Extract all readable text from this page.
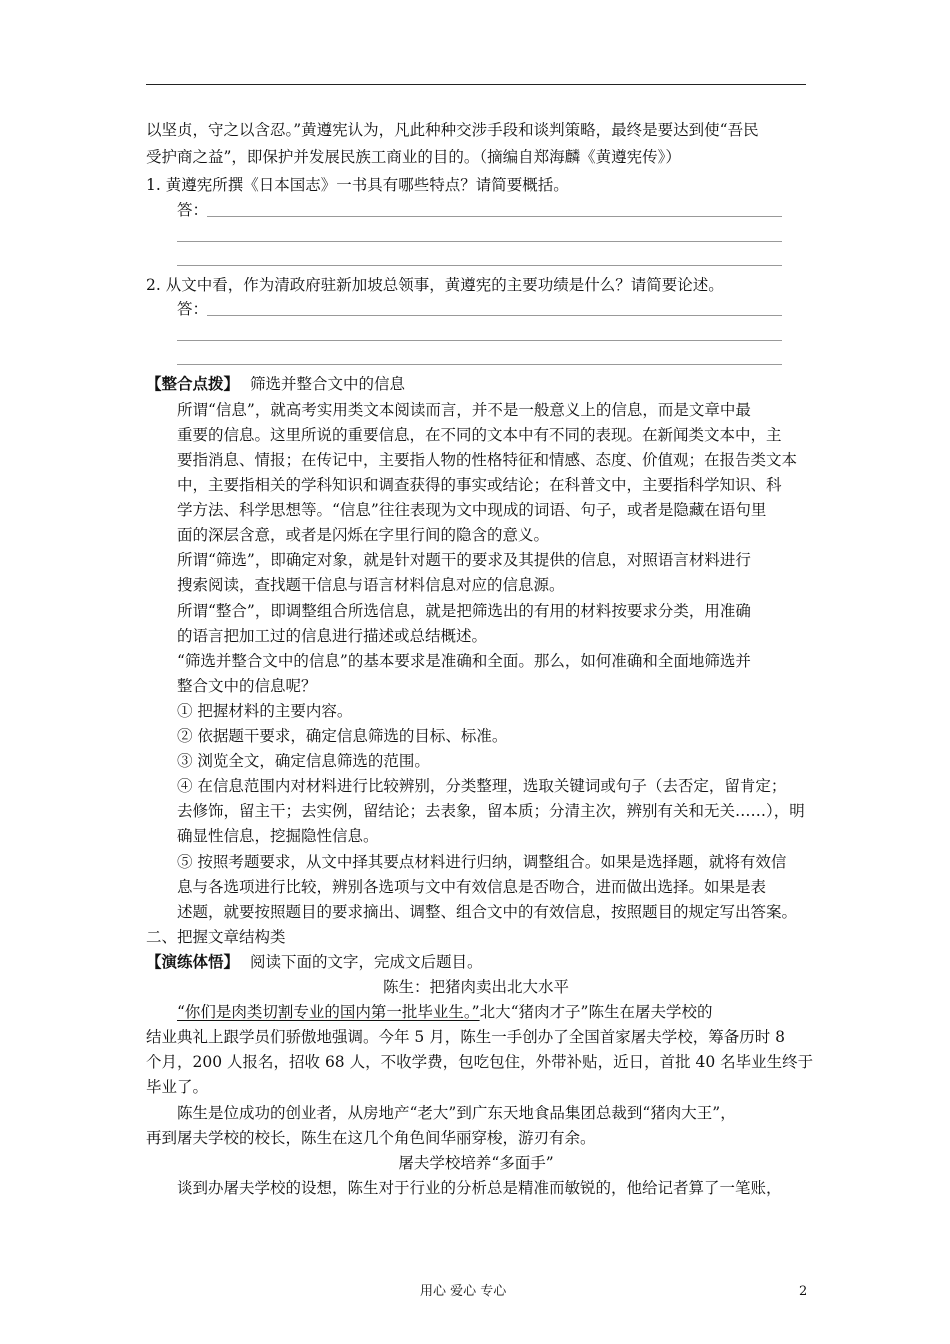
以坚贞，守之以含忍。”黄遵宪认为，凡此种种交涉手段和谈判策略，最终是要达到使“吾民
受护商之益”，即保护并发展民族工商业的目的。（摘编自郑海麟《黄遵宪传》）
1. 黄遵宪所撰《日本国志》一书具有哪些特点？请简要概括。
答：
2. 从文中看，作为清政府驻新加坡总领事，黄遵宪的主要功绩是什么？请简要论述。
答：
【整合点拨】 筛选并整合文中的信息
所谓“信息”，就高考实用类文本阅读而言，并不是一般意义上的信息，而是文章中最
重要的信息。这里所说的重要信息，在不同的文本中有不同的表现。在新闻类文本中，主
要指消息、情报；在传记中，主要指人物的性格特征和情感、态度、价值观；在报告类文本
中，主要指相关的学科知识和调查获得的事实或结论；在科普文中，主要指科学知识、科
学方法、科学思想等。“信息”往往表现为文中现成的词语、句子，或者是隐藏在语句里
面的深层含意，或者是闪烁在字里行间的隐含的意义。
所谓“筛选”，即确定对象，就是针对题干的要求及其提供的信息，对照语言材料进行
搜索阅读，查找题干信息与语言材料信息对应的信息源。
所谓“整合”，即调整组合所选信息，就是把筛选出的有用的材料按要求分类，用准确
的语言把加工过的信息进行描述或总结概述。
“筛选并整合文中的信息”的基本要求是准确和全面。那么，如何准确和全面地筛选并
整合文中的信息呢？
① 把握材料的主要内容。
② 依据题干要求，确定信息筛选的目标、标准。
③ 浏览全文，确定信息筛选的范围。
④ 在信息范围内对材料进行比较辨别，分类整理，选取关键词或句子（去否定，留肯定；
去修饰，留主干；去实例，留结论；去表象，留本质；分清主次，辨别有关和无关……），明
确显性信息，挖掘隐性信息。
⑤ 按照考题要求，从文中择其要点材料进行归纳，调整组合。如果是选择题，就将有效信
息与各选项进行比较，辨别各选项与文中有效信息是否吻合，进而做出选择。如果是表
述题，就要按照题目的要求摘出、调整、组合文中的有效信息，按照题目的规定写出答案。
二、把握文章结构类
【演练体悟】 阅读下面的文字，完成文后题目。
陈生：把猪肉卖出北大水平
“你们是肉类切割专业的国内第一批毕业生。”北大“猪肉才子”陈生在屠夫学校的
结业典礼上跟学员们骄傲地强调。今年 5 月，陈生一手创办了全国首家屠夫学校，筹备历时 8
个月，200 人报名，招收 68 人，不收学费，包吃包住，外带补贴，近日，首批 40 名毕业生终于
毕业了。
陈生是位成功的创业者，从房地产“老大”到广东天地食品集团总裁到“猪肉大王”，
再到屠夫学校的校长，陈生在这几个角色间华丽穿梭，游刃有余。
屠夫学校培养“多面手”
谈到办屠夫学校的设想，陈生对于行业的分析总是精准而敏锐的，他给记者算了一笔账，
用心 爱心 专心	2
